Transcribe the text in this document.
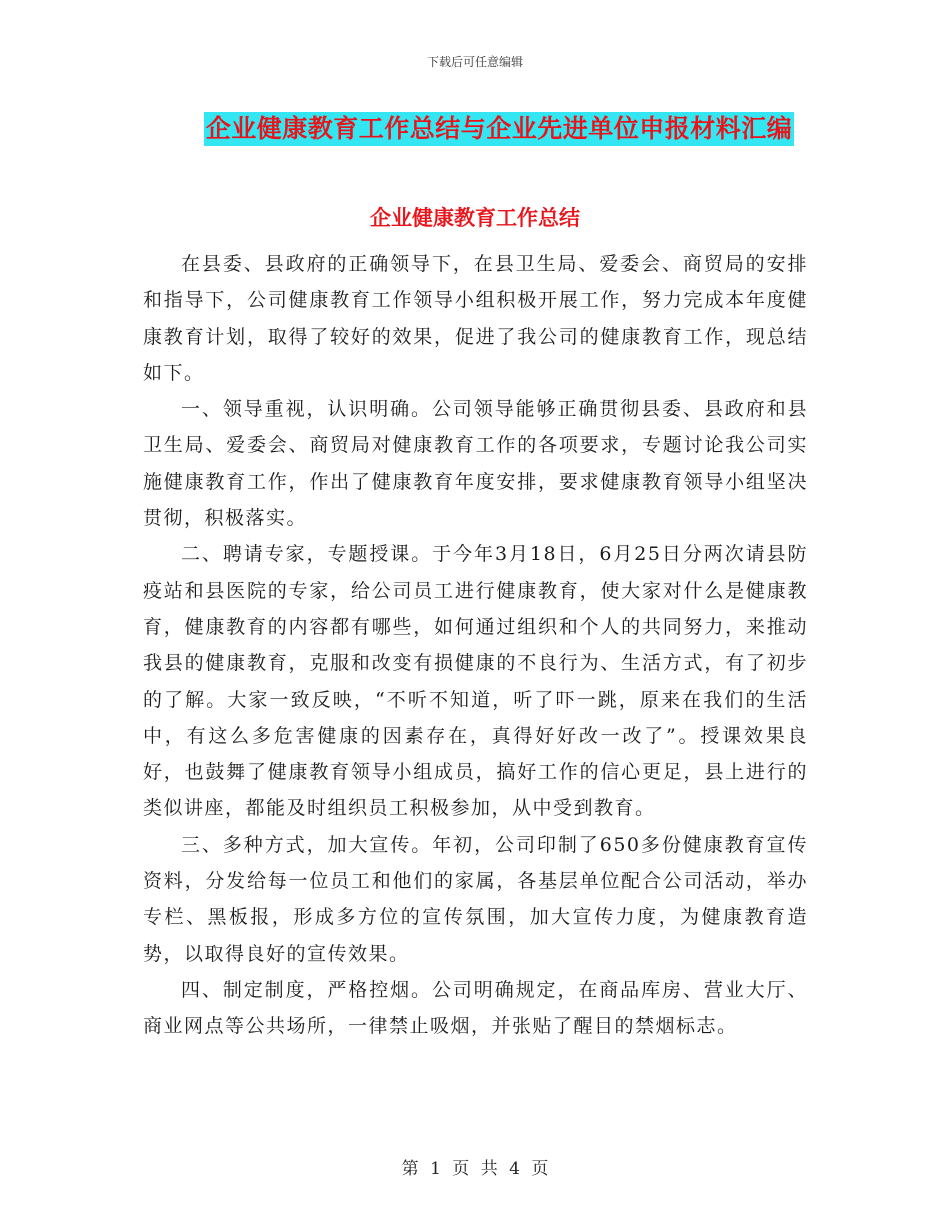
下载后可任意编辑
企业健康教育工作总结与企业先进单位申报材料汇编
企业健康教育工作总结

在县委、县政府的正确领导下，在县卫生局、爱委会、商贸局的安排和指导下，公司健康教育工作领导小组积极开展工作，努力完成本年度健康教育计划，取得了较好的效果，促进了我公司的健康教育工作，现总结如下。

一、领导重视，认识明确。公司领导能够正确贯彻县委、县政府和县卫生局、爱委会、商贸局对健康教育工作的各项要求，专题讨论我公司实施健康教育工作，作出了健康教育年度安排，要求健康教育领导小组坚决贯彻，积极落实。

二、聘请专家，专题授课。于今年3月18日，6月25日分两次请县防疫站和县医院的专家，给公司员工进行健康教育，使大家对什么是健康教育，健康教育的内容都有哪些，如何通过组织和个人的共同努力，来推动我县的健康教育，克服和改变有损健康的不良行为、生活方式，有了初步的了解。大家一致反映，“不听不知道，听了吓一跳，原来在我们的生活中，有这么多危害健康的因素存在，真得好好改一改了”。授课效果良好，也鼓舞了健康教育领导小组成员，搞好工作的信心更足，县上进行的类似讲座，都能及时组织员工积极参加，从中受到教育。

三、多种方式，加大宣传。年初，公司印制了650多份健康教育宣传资料，分发给每一位员工和他们的家属，各基层单位配合公司活动，举办专栏、黑板报，形成多方位的宣传氛围，加大宣传力度，为健康教育造势，以取得良好的宣传效果。

四、制定制度，严格控烟。公司明确规定，在商品库房、营业大厅、商业网点等公共场所，一律禁止吸烟，并张贴了醒目的禁烟标志。

第 1 页 共 4 页
